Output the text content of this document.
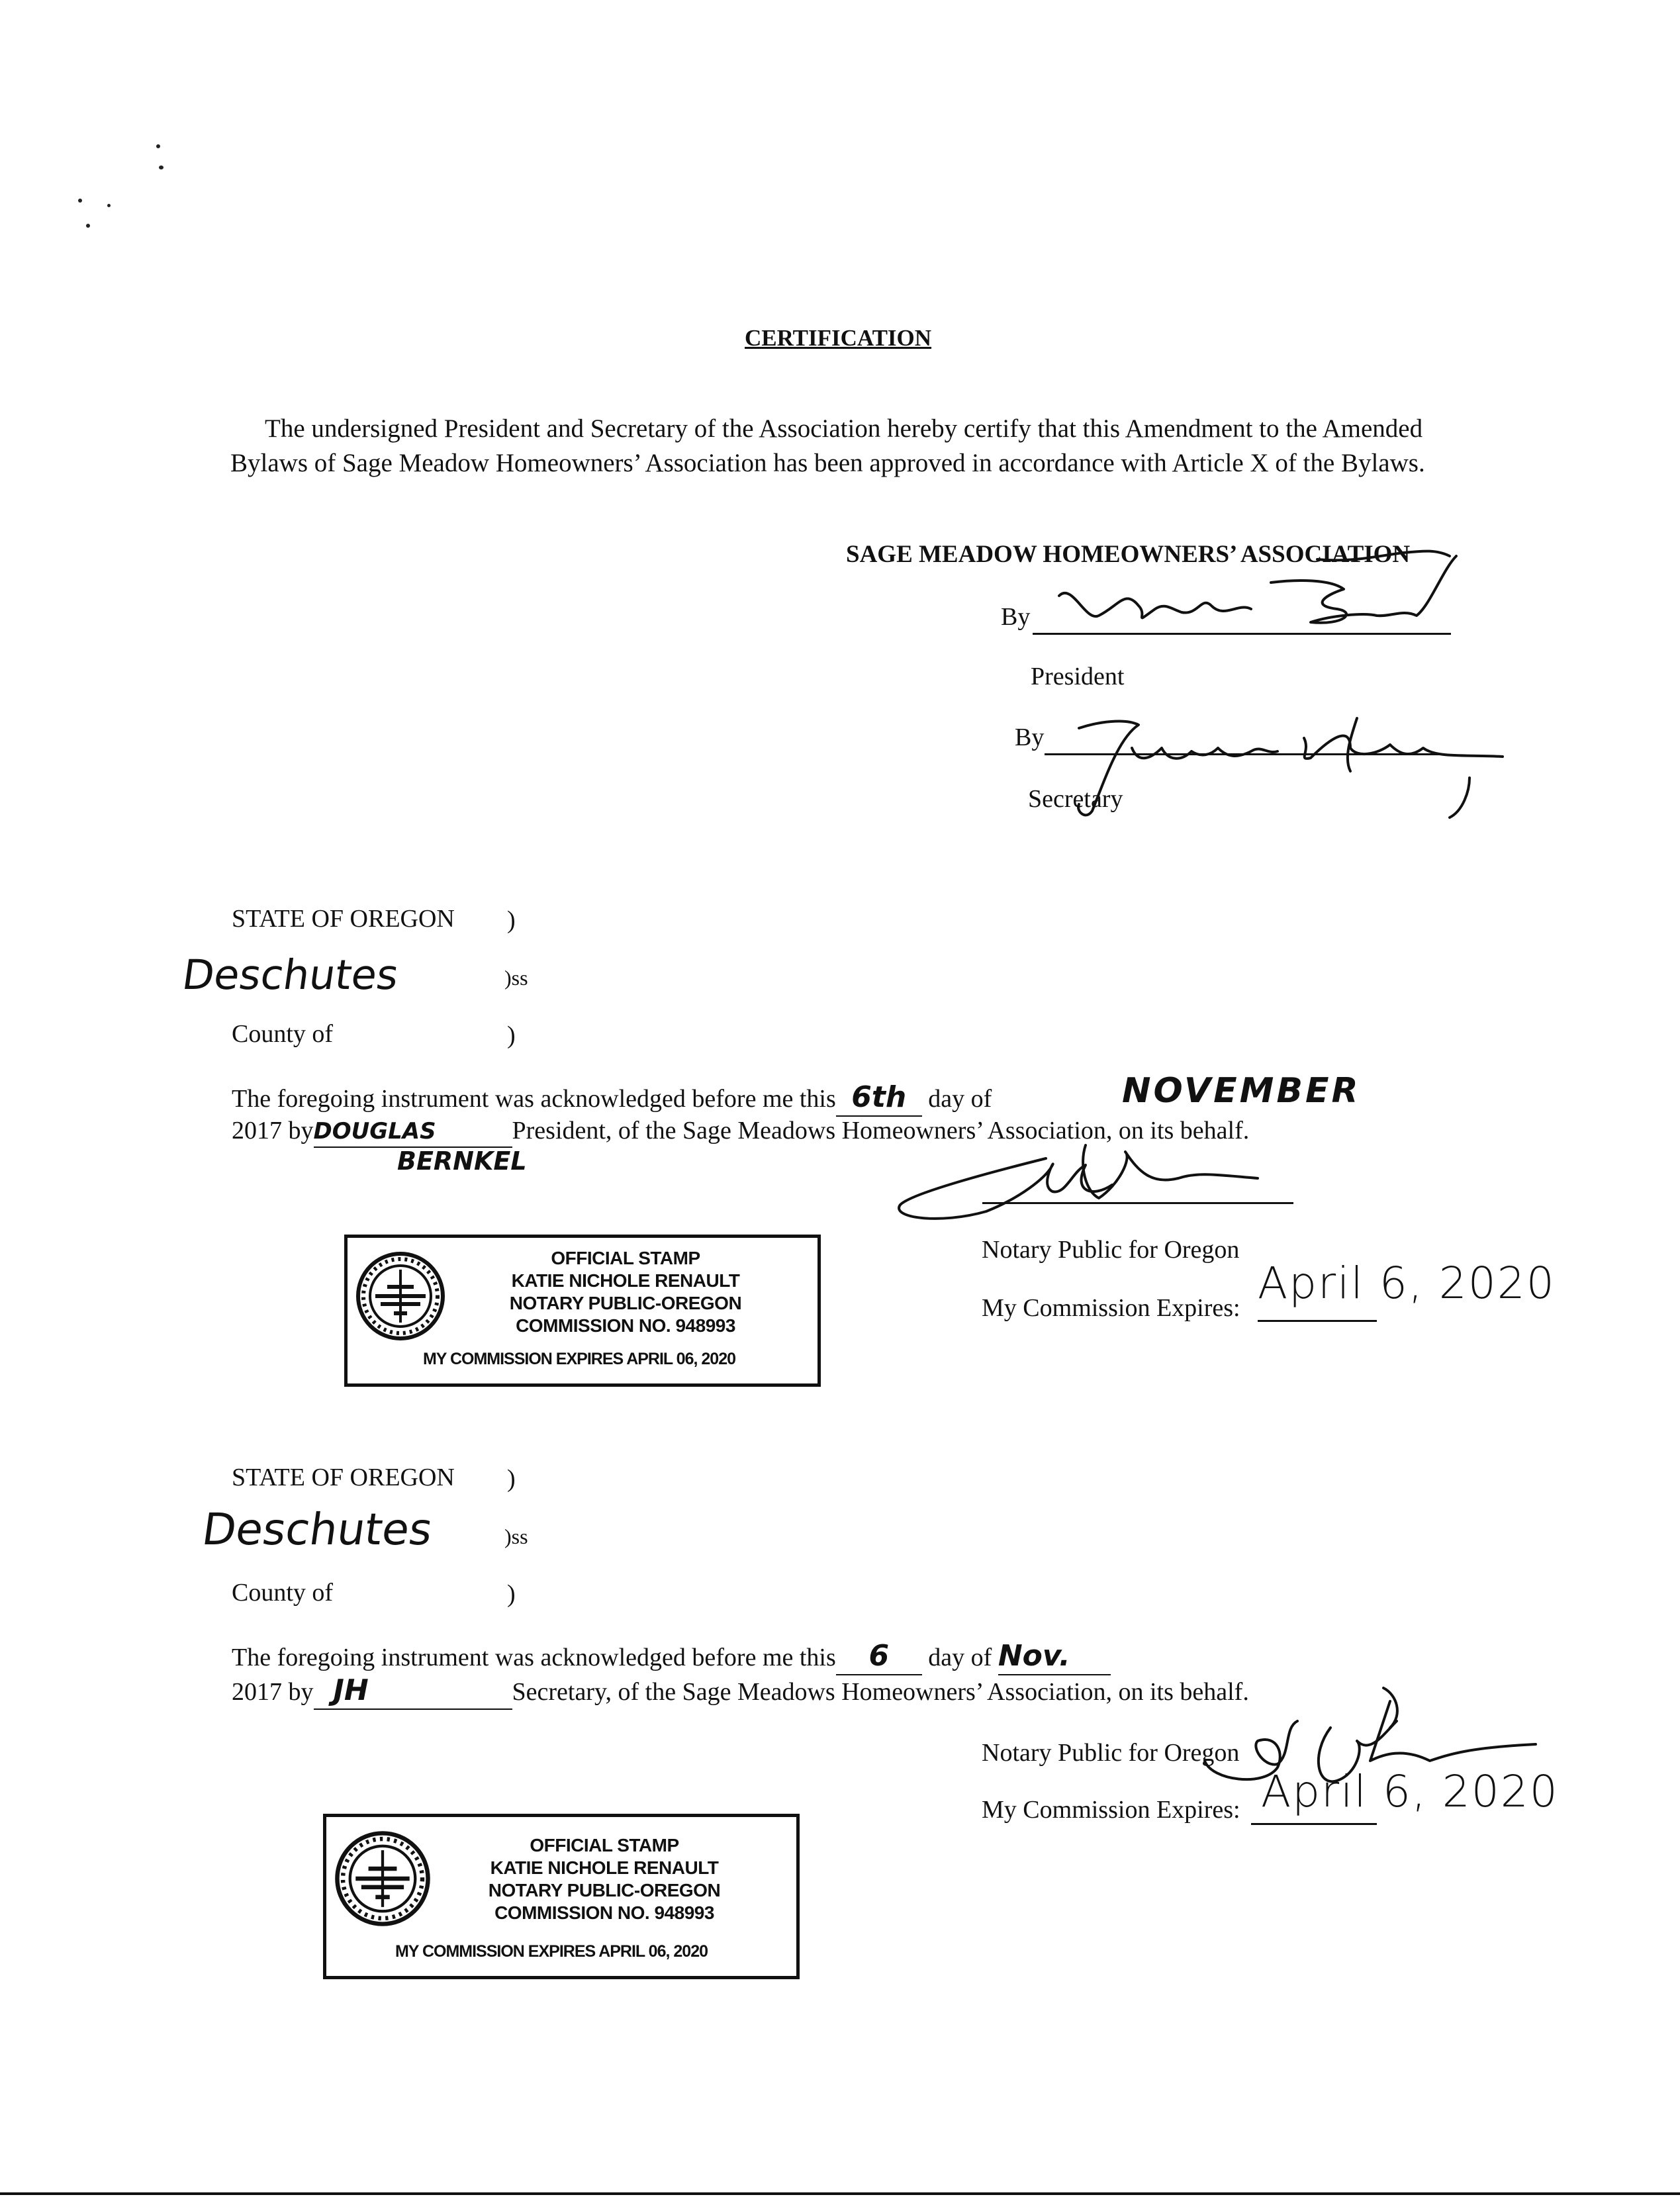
CERTIFICATION
The undersigned President and Secretary of the Association hereby certify that this Amendment to the Amended Bylaws of Sage Meadow Homeowners’ Association has been approved in accordance with Article X of the Bylaws.
SAGE MEADOW HOMEOWNERS’ ASSOCIATION
By
President
By
Secretary
STATE OF OREGON )
Deschutes	)ss
County of	)
The foregoing instrument was acknowledged before me this 6th day of	NOVEMBER
2017 byDOUGLAS	President, of the Sage Meadows Homeowners’ Association, on its behalf.
BERNKEL
Notary Public for Oregon
My Commission Expires: April 6, 2020
OFFICIAL STAMP
KATIE NICHOLE RENAULT
NOTARY PUBLIC-OREGON
COMMISSION NO. 948993
MY COMMISSION EXPIRES APRIL 06, 2020
STATE OF OREGON )
Deschutes	)ss
County of	)
The foregoing instrument was acknowledged before me this 6 day of Nov.
2017 by JH	Secretary, of the Sage Meadows Homeowners’ Association, on its behalf.
Notary Public for Oregon
My Commission Expires: April 6, 2020
OFFICIAL STAMP
KATIE NICHOLE RENAULT
NOTARY PUBLIC-OREGON
COMMISSION NO. 948993
MY COMMISSION EXPIRES APRIL 06, 2020
